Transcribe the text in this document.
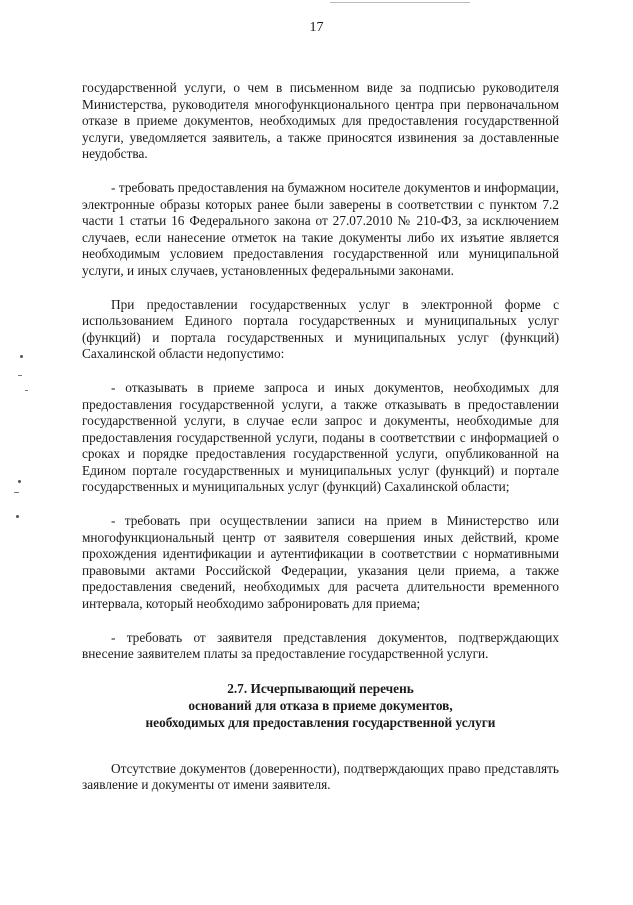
17

государственной услуги, о чем в письменном виде за подписью руководителя Министерства, руководителя многофункционального центра при первоначальном отказе в приеме документов, необходимых для предоставления государственной услуги, уведомляется заявитель, а также приносятся извинения за доставленные неудобства.

- требовать предоставления на бумажном носителе документов и информации, электронные образы которых ранее были заверены в соответствии с пунктом 7.2 части 1 статьи 16 Федерального закона от 27.07.2010 № 210-ФЗ, за исключением случаев, если нанесение отметок на такие документы либо их изъятие является необходимым условием предоставления государственной или муниципальной услуги, и иных случаев, установленных федеральными законами.

При предоставлении государственных услуг в электронной форме с использованием Единого портала государственных и муниципальных услуг (функций) и портала государственных и муниципальных услуг (функций) Сахалинской области недопустимо:

- отказывать в приеме запроса и иных документов, необходимых для предоставления государственной услуги, а также отказывать в предоставлении государственной услуги, в случае если запрос и документы, необходимые для предоставления государственной услуги, поданы в соответствии с информацией о сроках и порядке предоставления государственной услуги, опубликованной на Едином портале государственных и муниципальных услуг (функций) и портале государственных и муниципальных услуг (функций) Сахалинской области;

- требовать при осуществлении записи на прием в Министерство или многофункциональный центр от заявителя совершения иных действий, кроме прохождения идентификации и аутентификации в соответствии с нормативными правовыми актами Российской Федерации, указания цели приема, а также предоставления сведений, необходимых для расчета длительности временного интервала, который необходимо забронировать для приема;

- требовать от заявителя представления документов, подтверждающих внесение заявителем платы за предоставление государственной услуги.

2.7. Исчерпывающий перечень

оснований для отказа в приеме документов,

необходимых для предоставления государственной услуги

Отсутствие документов (доверенности), подтверждающих право представлять заявление и документы от имени заявителя.
